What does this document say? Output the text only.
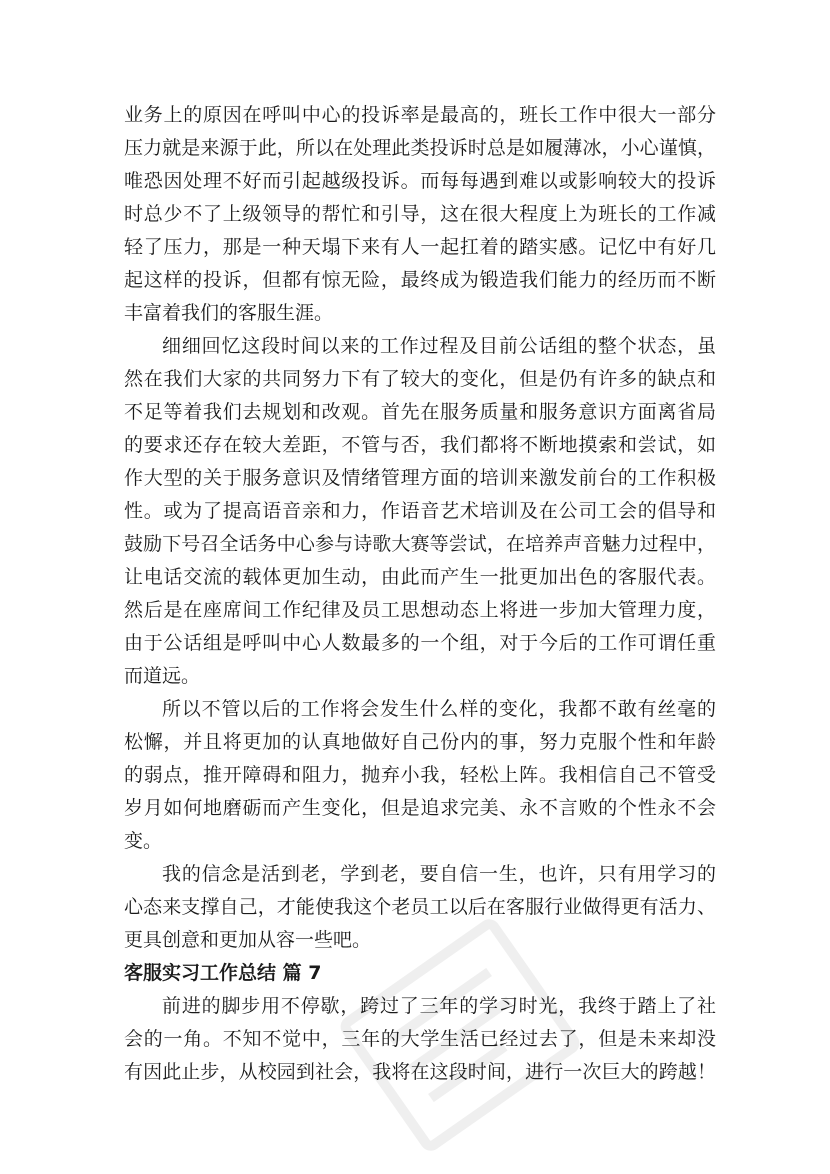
业务上的原因在呼叫中心的投诉率是最高的，班长工作中很大一部分
压力就是来源于此，所以在处理此类投诉时总是如履薄冰，小心谨慎，
唯恐因处理不好而引起越级投诉。而每每遇到难以或影响较大的投诉
时总少不了上级领导的帮忙和引导，这在很大程度上为班长的工作减
轻了压力，那是一种天塌下来有人一起扛着的踏实感。记忆中有好几
起这样的投诉，但都有惊无险，最终成为锻造我们能力的经历而不断
丰富着我们的客服生涯。
细细回忆这段时间以来的工作过程及目前公话组的整个状态，虽
然在我们大家的共同努力下有了较大的变化，但是仍有许多的缺点和
不足等着我们去规划和改观。首先在服务质量和服务意识方面离省局
的要求还存在较大差距，不管与否，我们都将不断地摸索和尝试，如
作大型的关于服务意识及情绪管理方面的培训来激发前台的工作积极
性。或为了提高语音亲和力，作语音艺术培训及在公司工会的倡导和
鼓励下号召全话务中心参与诗歌大赛等尝试，在培养声音魅力过程中，
让电话交流的载体更加生动，由此而产生一批更加出色的客服代表。
然后是在座席间工作纪律及员工思想动态上将进一步加大管理力度，
由于公话组是呼叫中心人数最多的一个组，对于今后的工作可谓任重
而道远。
所以不管以后的工作将会发生什么样的变化，我都不敢有丝毫的
松懈，并且将更加的认真地做好自己份内的事，努力克服个性和年龄
的弱点，推开障碍和阻力，抛弃小我，轻松上阵。我相信自己不管受
岁月如何地磨砺而产生变化，但是追求完美、永不言败的个性永不会
变。
我的信念是活到老，学到老，要自信一生，也许，只有用学习的
心态来支撑自己，才能使我这个老员工以后在客服行业做得更有活力、
更具创意和更加从容一些吧。
客服实习工作总结 篇 7
前进的脚步用不停歇，跨过了三年的学习时光，我终于踏上了社
会的一角。不知不觉中，三年的大学生活已经过去了，但是未来却没
有因此止步，从校园到社会，我将在这段时间，进行一次巨大的跨越！
